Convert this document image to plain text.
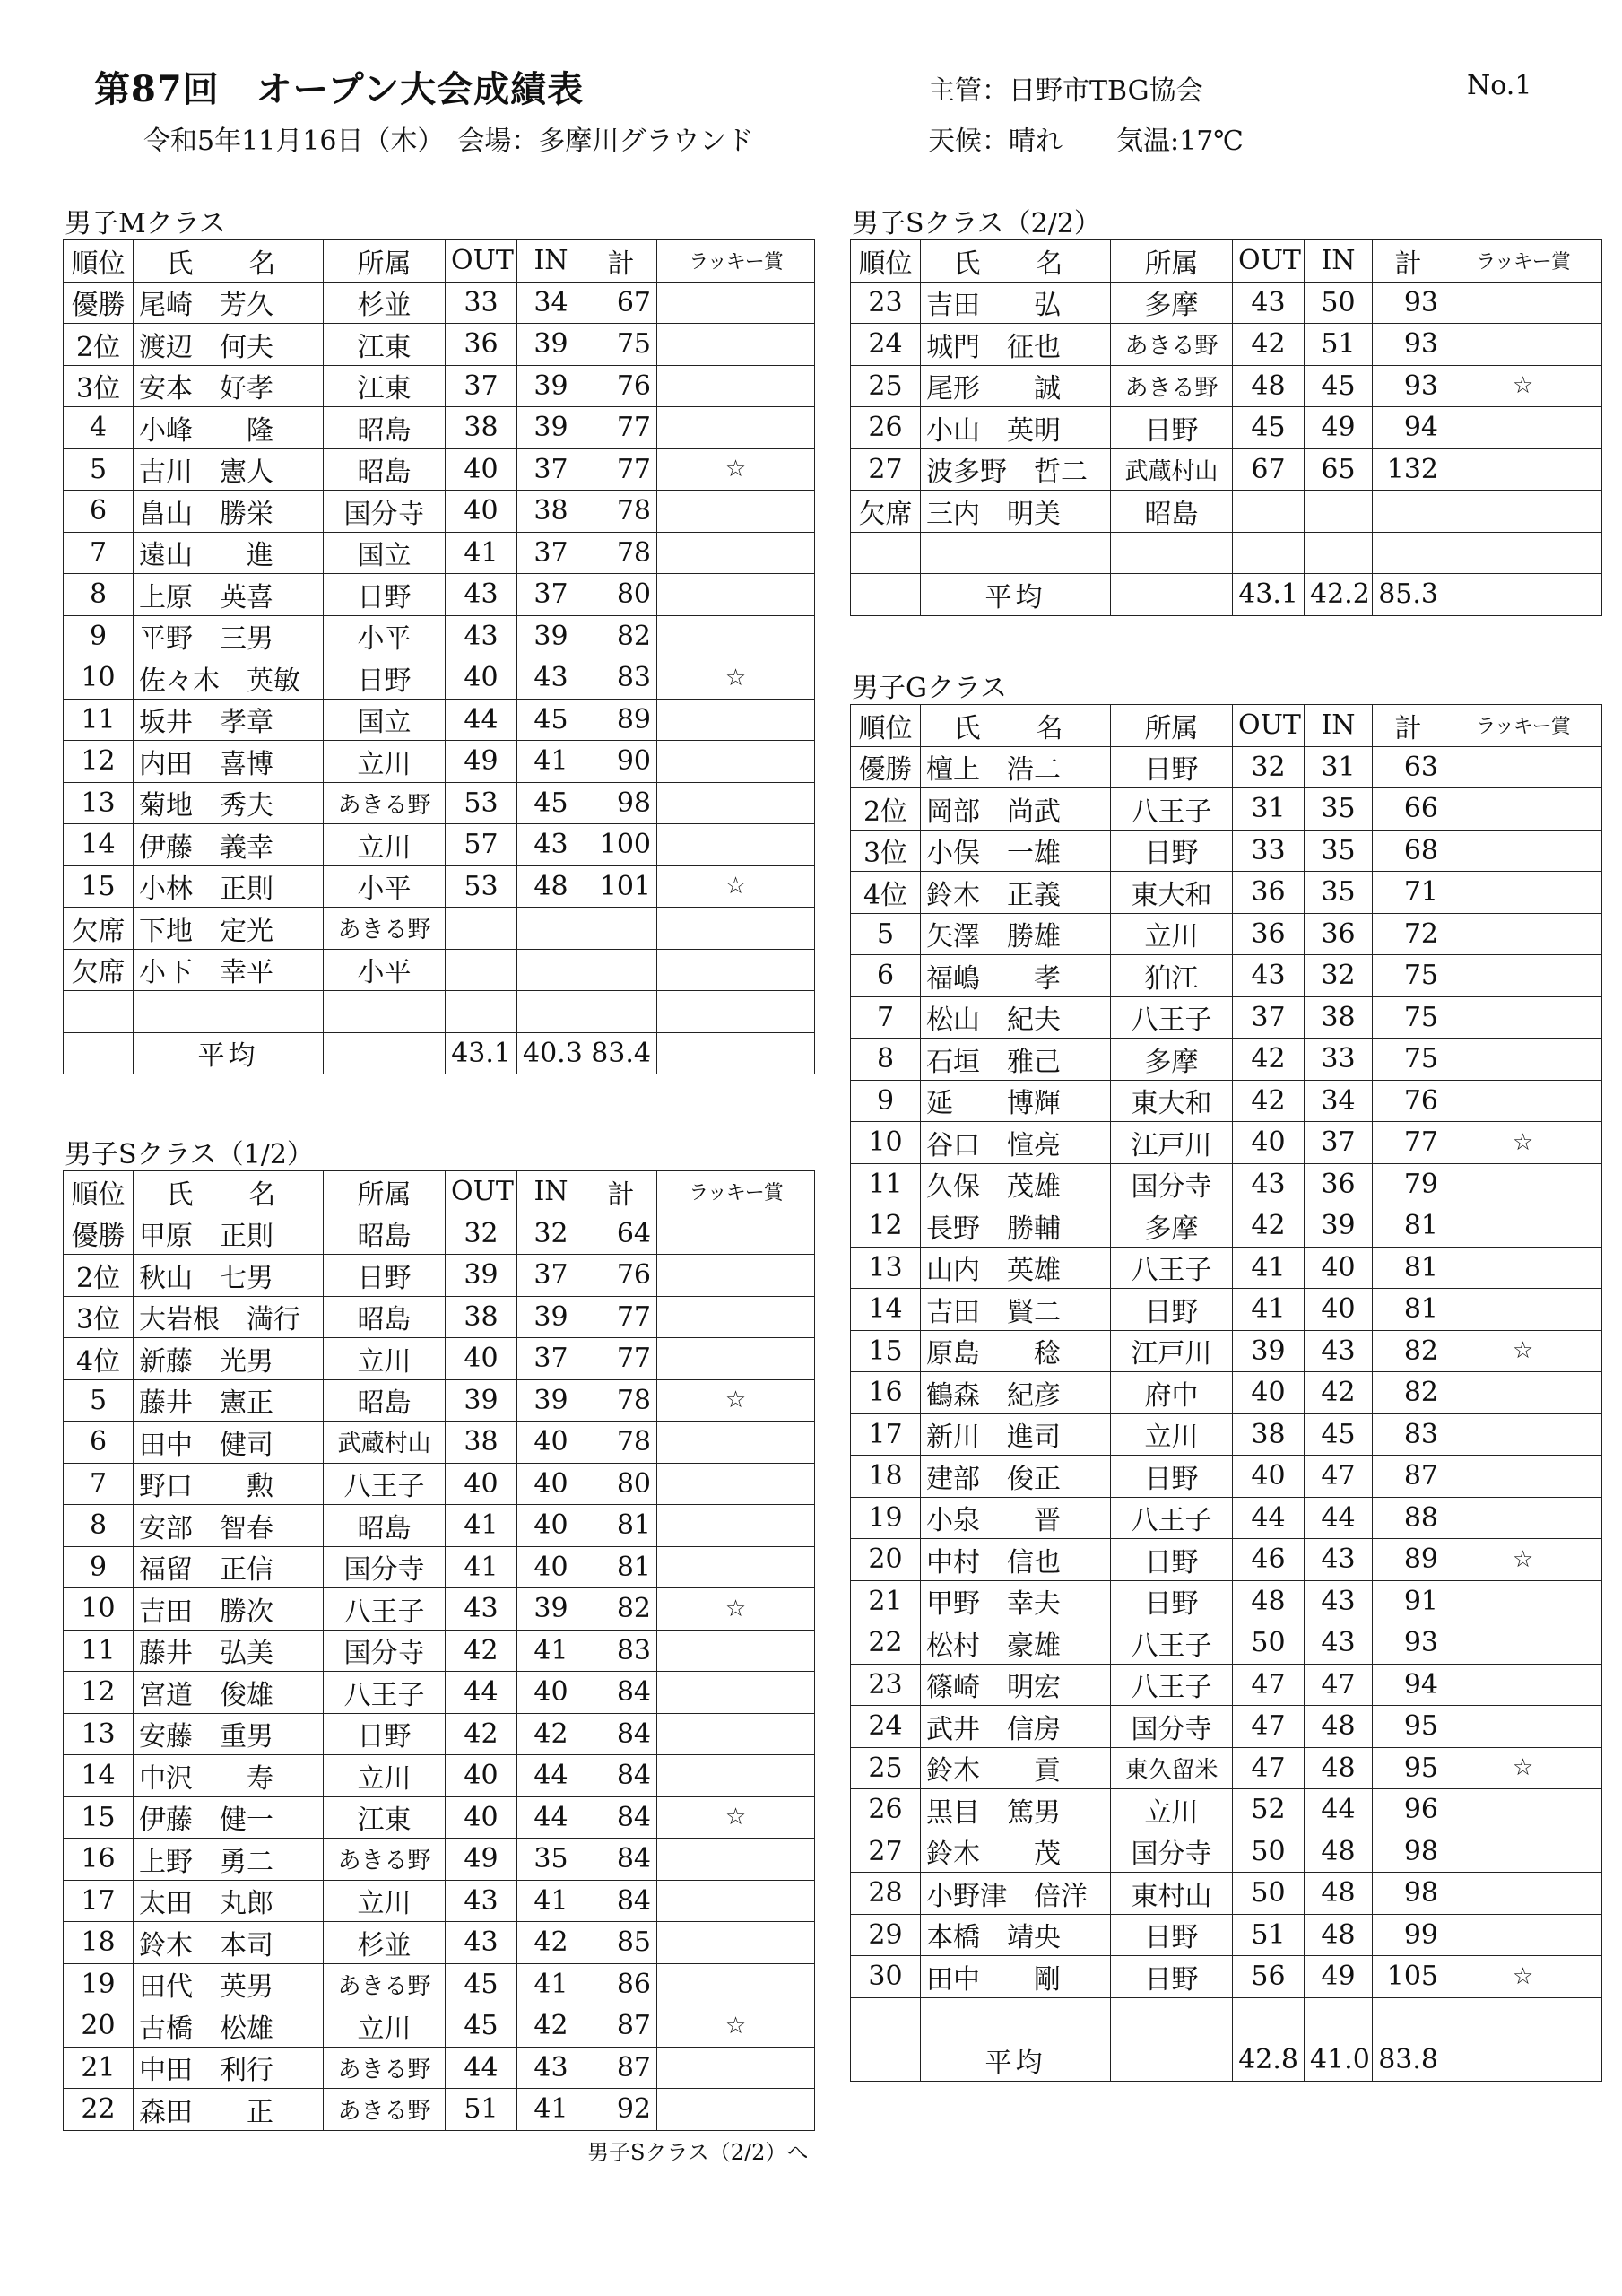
第87回　オープン大会成績表
令和5年11月16日（木）　会場：多摩川グラウンド
主管：日野市TBG協会
天候：晴れ　　気温:17℃
No.1
男子Mクラス
順位	氏　名	所属	OUT	IN	計	ラッキー賞
優勝	尾崎　芳久	杉並	33	34	67	
2位	渡辺　何夫	江東	36	39	75	
3位	安本　好孝	江東	37	39	76	
4	小峰　　隆	昭島	38	39	77	
5	古川　憲人	昭島	40	37	77	☆
6	畠山　勝栄	国分寺	40	38	78	
7	遠山　　進	国立	41	37	78	
8	上原　英喜	日野	43	37	80	
9	平野　三男	小平	43	39	82	
10	佐々木　英敏	日野	40	43	83	☆
11	坂井　孝章	国立	44	45	89	
12	内田　喜博	立川	49	41	90	
13	菊地　秀夫	あきる野	53	45	98	
14	伊藤　義幸	立川	57	43	100	
15	小林　正則	小平	53	48	101	☆
欠席	下地　定光	あきる野				
欠席	小下　幸平	小平				

	平均		43.1	40.3	83.4	
男子Sクラス（1/2）
順位	氏　名	所属	OUT	IN	計	ラッキー賞
優勝	甲原　正則	昭島	32	32	64	
2位	秋山　七男	日野	39	37	76	
3位	大岩根　満行	昭島	38	39	77	
4位	新藤　光男	立川	40	37	77	
5	藤井　憲正	昭島	39	39	78	☆
6	田中　健司	武蔵村山	38	40	78	
7	野口　　勲	八王子	40	40	80	
8	安部　智春	昭島	41	40	81	
9	福留　正信	国分寺	41	40	81	
10	吉田　勝次	八王子	43	39	82	☆
11	藤井　弘美	国分寺	42	41	83	
12	宮道　俊雄	八王子	44	40	84	
13	安藤　重男	日野	42	42	84	
14	中沢　　寿	立川	40	44	84	
15	伊藤　健一	江東	40	44	84	☆
16	上野　勇二	あきる野	49	35	84	
17	太田　丸郎	立川	43	41	84	
18	鈴木　本司	杉並	43	42	85	
19	田代　英男	あきる野	45	41	86	
20	古橋　松雄	立川	45	42	87	☆
21	中田　利行	あきる野	44	43	87	
22	森田　　正	あきる野	51	41	92	
男子Sクラス（2/2）
順位	氏　名	所属	OUT	IN	計	ラッキー賞
23	吉田　　弘	多摩	43	50	93	
24	城門　征也	あきる野	42	51	93	
25	尾形　　誠	あきる野	48	45	93	☆
26	小山　英明	日野	45	49	94	
27	波多野　哲二	武蔵村山	67	65	132	
欠席	三内　明美	昭島				

	平均		43.1	42.2	85.3	
男子Gクラス
順位	氏　名	所属	OUT	IN	計	ラッキー賞
優勝	檀上　浩二	日野	32	31	63	
2位	岡部　尚武	八王子	31	35	66	
3位	小俣　一雄	日野	33	35	68	
4位	鈴木　正義	東大和	36	35	71	
5	矢澤　勝雄	立川	36	36	72	
6	福嶋　　孝	狛江	43	32	75	
7	松山　紀夫	八王子	37	38	75	
8	石垣　雅己	多摩	42	33	75	
9	延　　博輝	東大和	42	34	76	
10	谷口　愃亮	江戸川	40	37	77	☆
11	久保　茂雄	国分寺	43	36	79	
12	長野　勝輔	多摩	42	39	81	
13	山内　英雄	八王子	41	40	81	
14	吉田　賢二	日野	41	40	81	
15	原島　　稔	江戸川	39	43	82	☆
16	鶴森　紀彦	府中	40	42	82	
17	新川　進司	立川	38	45	83	
18	建部　俊正	日野	40	47	87	
19	小泉　　晋	八王子	44	44	88	
20	中村　信也	日野	46	43	89	☆
21	甲野　幸夫	日野	48	43	91	
22	松村　豪雄	八王子	50	43	93	
23	篠崎　明宏	八王子	47	47	94	
24	武井　信房	国分寺	47	48	95	
25	鈴木　　貢	東久留米	47	48	95	☆
26	黒目　篤男	立川	52	44	96	
27	鈴木　　茂	国分寺	50	48	98	
28	小野津　倍洋	東村山	50	48	98	
29	本橋　靖央	日野	51	48	99	
30	田中　　剛	日野	56	49	105	☆

	平均		42.8	41.0	83.8	
男子Sクラス（2/2）へ
